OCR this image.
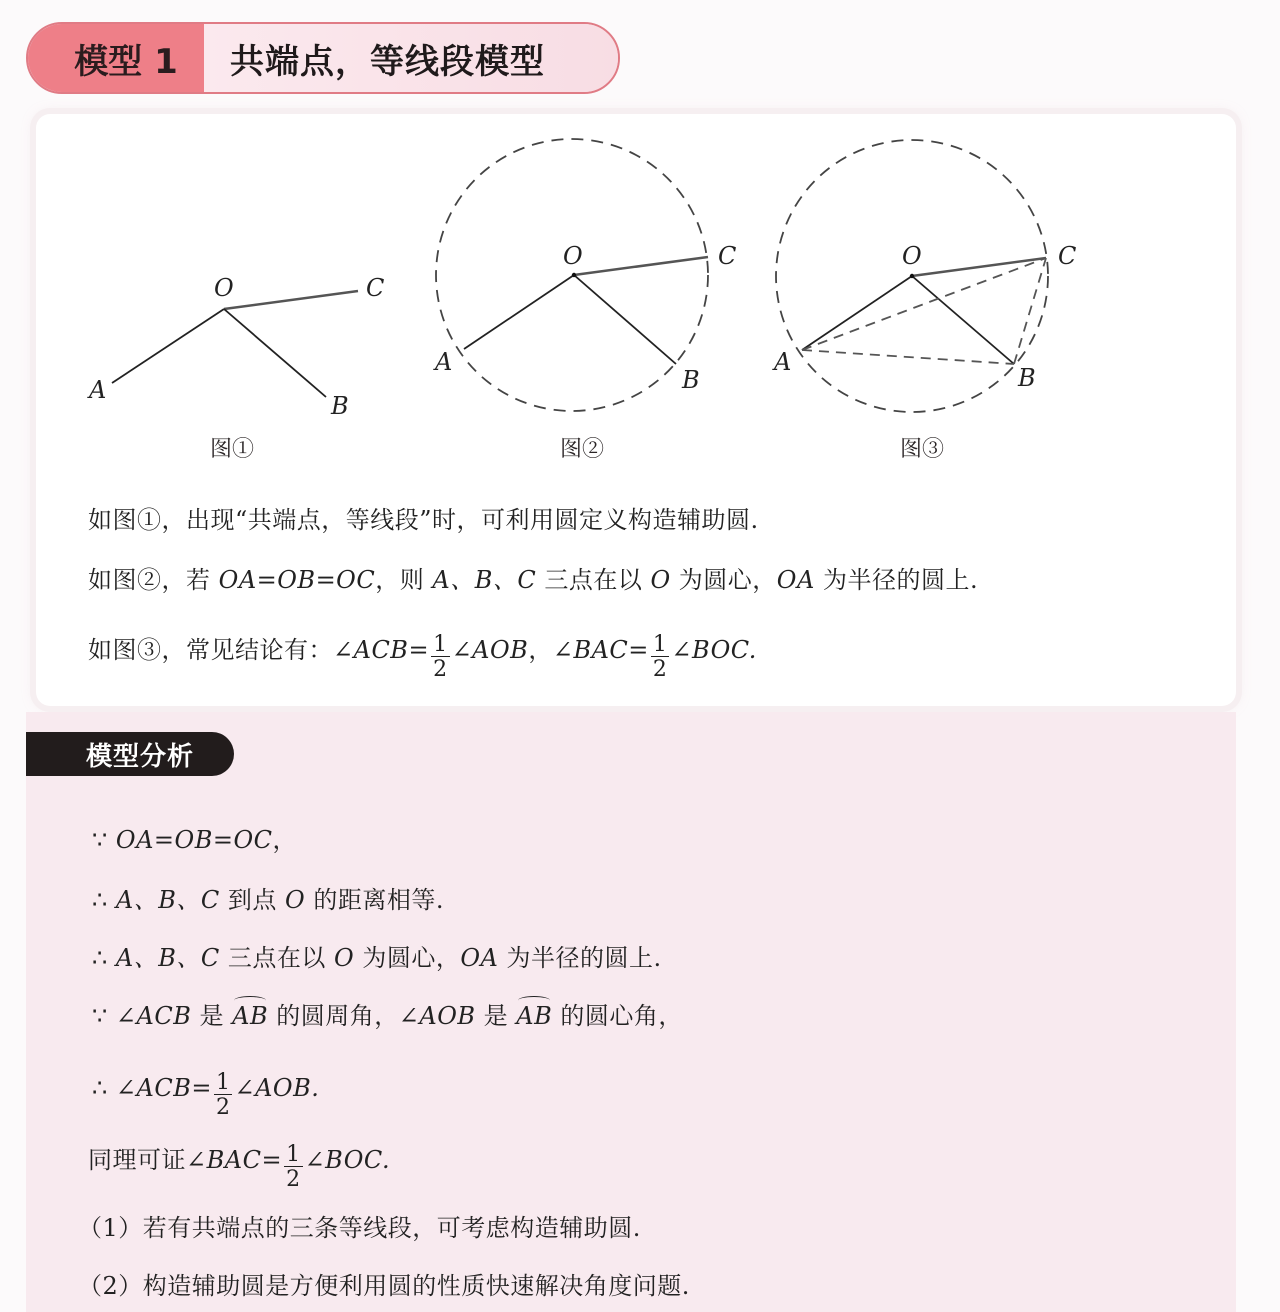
模型 1	共端点，等线段模型
O	C
A
B
图①
O	C
A
B
图②
O	C
A
B
图③
如图①，出现“共端点，等线段”时，可利用圆定义构造辅助圆.
如图②，若 OA=OB=OC，则 A、B、C 三点在以 O 为圆心，OA 为半径的圆上.
如图③，常见结论有：∠ACB= $\frac{1}{2}$ ∠AOB，∠BAC= $\frac{1}{2}$ ∠BOC.
模型分析
∵ OA=OB=OC，
∴ A、B、C 到点 O 的距离相等.
∴ A、B、C 三点在以 O 为圆心，OA 为半径的圆上.
∵ ∠ACB 是 AB 的圆周角，∠AOB 是 AB 的圆心角，
∴ ∠ACB= $\frac{1}{2}$ ∠AOB.
同理可证∠BAC= $\frac{1}{2}$ ∠BOC.
（1）若有共端点的三条等线段，可考虑构造辅助圆.
（2）构造辅助圆是方便利用圆的性质快速解决角度问题.
